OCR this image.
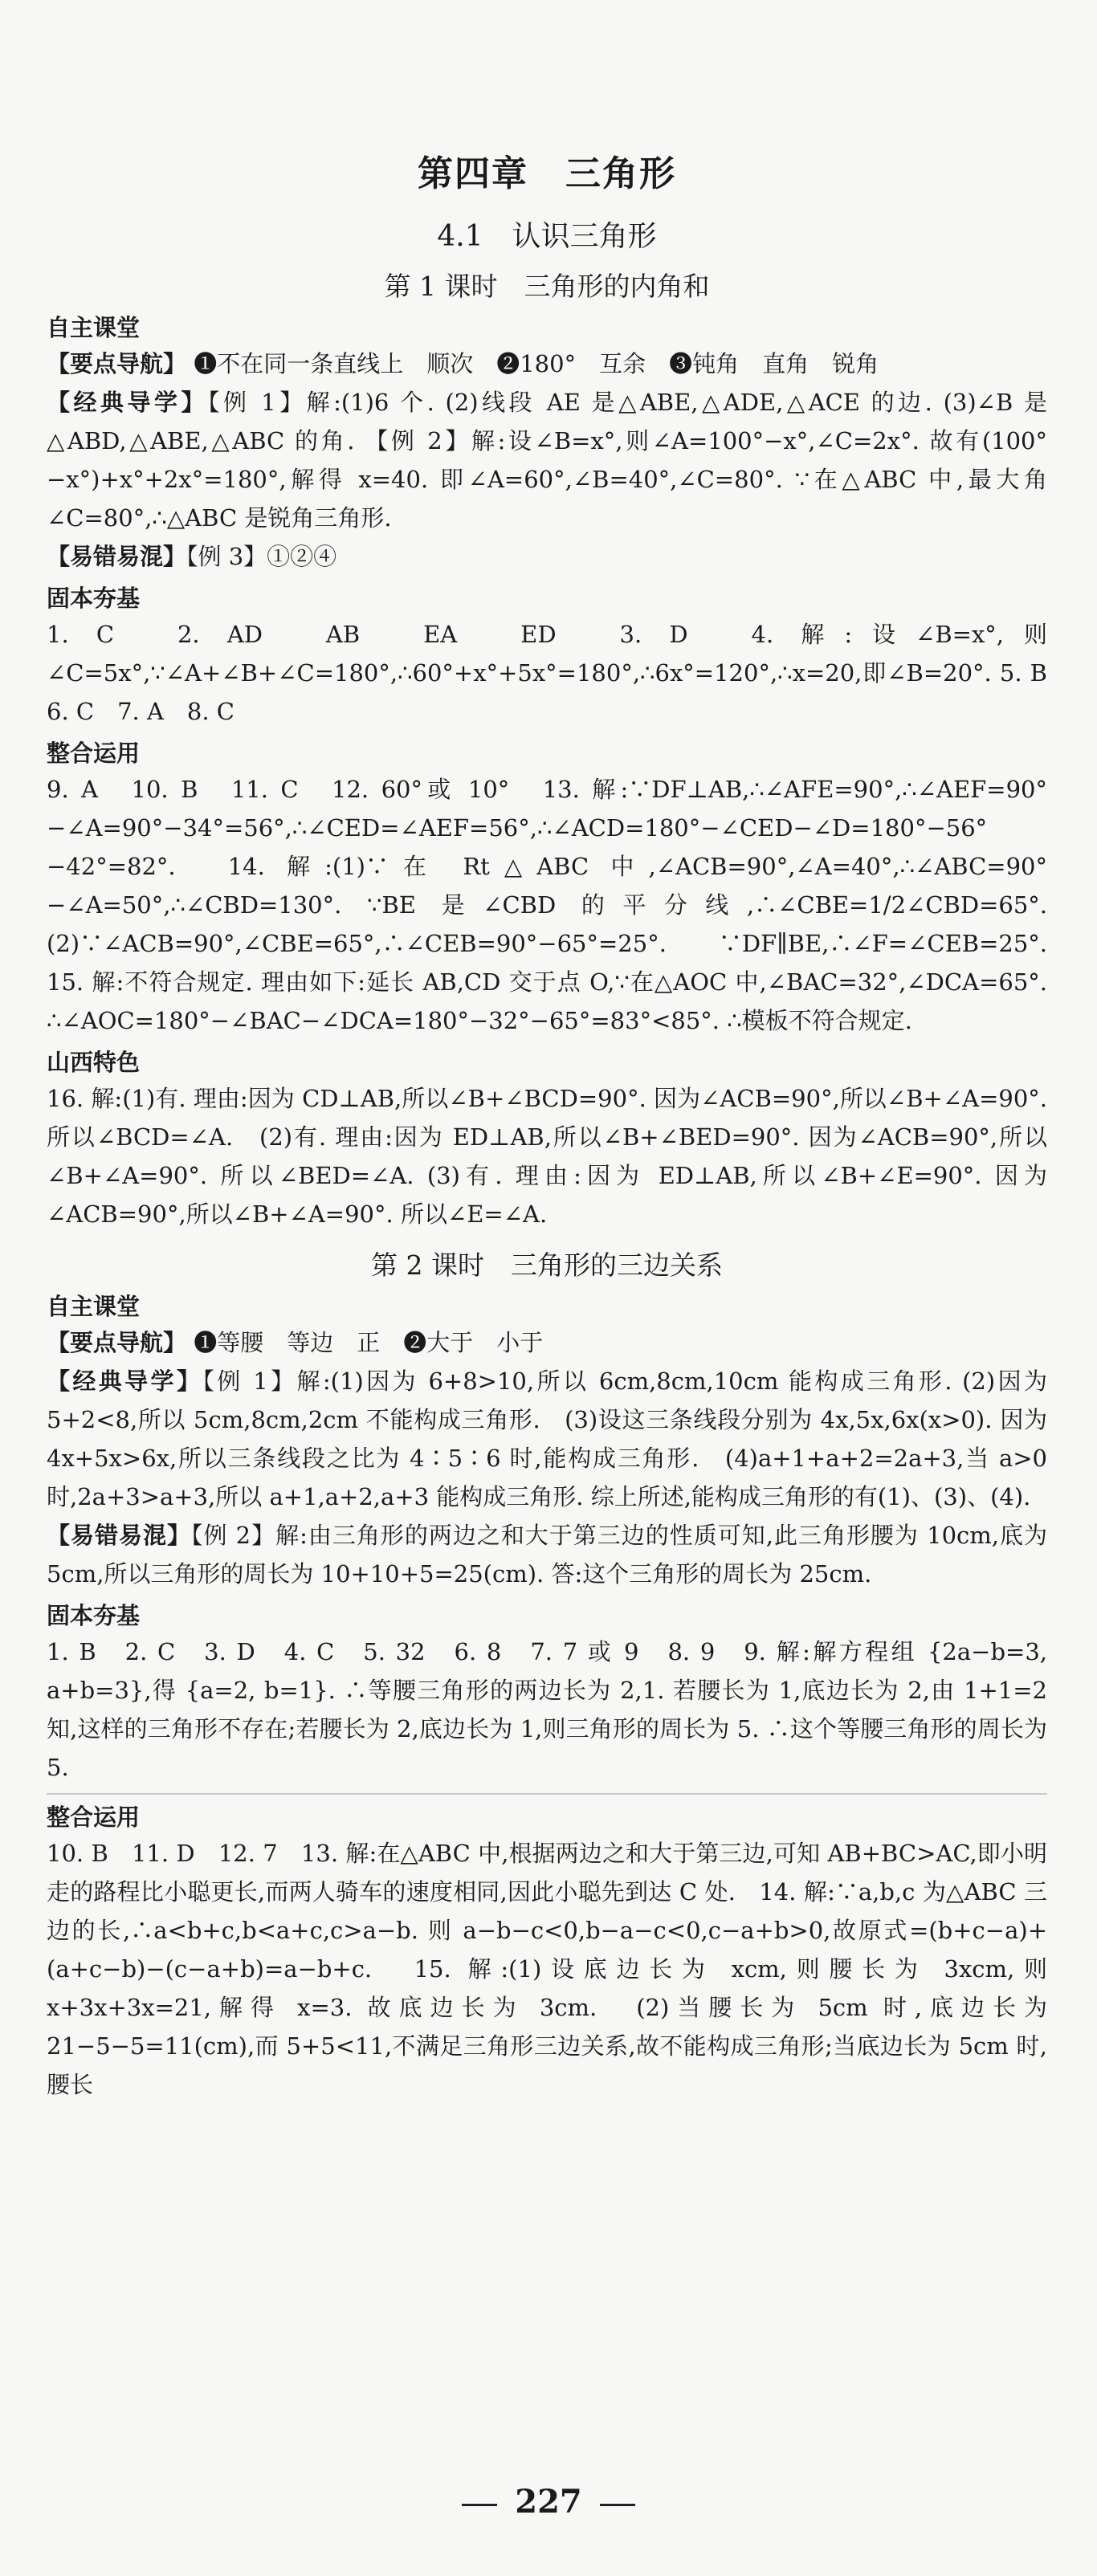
第四章　三角形
4.1　认识三角形
第 1 课时　三角形的内角和
自主课堂

【要点导航】 ❶不在同一条直线上　顺次　❷180°　互余　❸钝角　直角　锐角

【经典导学】【例 1】解:(1)6 个. (2)线段 AE 是△ABE,△ADE,△ACE 的边. (3)∠B 是△ABD,△ABE,△ABC 的角. 【例 2】解:设∠B=x°,则∠A=100°−x°,∠C=2x°. 故有(100°−x°)+x°+2x°=180°,解得 x=40. 即∠A=60°,∠B=40°,∠C=80°. ∵在△ABC 中,最大角∠C=80°,∴△ABC 是锐角三角形.

【易错易混】【例 3】①②④

固本夯基

1. C　2. AD　AB　EA　ED　3. D　4. 解:设∠B=x°,则∠C=5x°,∵∠A+∠B+∠C=180°,∴60°+x°+5x°=180°,∴6x°=120°,∴x=20,即∠B=20°. 5. B　6. C　7. A　8. C

整合运用

9. A　10. B　11. C　12. 60°或 10°　13. 解:∵DF⊥AB,∴∠AFE=90°,∴∠AEF=90°−∠A=90°−34°=56°,∴∠CED=∠AEF=56°,∴∠ACD=180°−∠CED−∠D=180°−56°−42°=82°.　14. 解:(1)∵在 Rt△ABC 中,∠ACB=90°,∠A=40°,∴∠ABC=90°−∠A=50°,∴∠CBD=130°. ∵BE 是∠CBD 的平分线,∴∠CBE=1/2∠CBD=65°.　(2)∵∠ACB=90°,∠CBE=65°,∴∠CEB=90°−65°=25°. ∵DF∥BE,∴∠F=∠CEB=25°.　15. 解:不符合规定. 理由如下:延长 AB,CD 交于点 O,∵在△AOC 中,∠BAC=32°,∠DCA=65°. ∴∠AOC=180°−∠BAC−∠DCA=180°−32°−65°=83°<85°. ∴模板不符合规定.

山西特色

16. 解:(1)有. 理由:因为 CD⊥AB,所以∠B+∠BCD=90°. 因为∠ACB=90°,所以∠B+∠A=90°. 所以∠BCD=∠A.　(2)有. 理由:因为 ED⊥AB,所以∠B+∠BED=90°. 因为∠ACB=90°,所以∠B+∠A=90°. 所以∠BED=∠A. (3)有. 理由:因为 ED⊥AB,所以∠B+∠E=90°. 因为∠ACB=90°,所以∠B+∠A=90°. 所以∠E=∠A.

第 2 课时　三角形的三边关系
自主课堂

【要点导航】 ❶等腰　等边　正　❷大于　小于

【经典导学】【例 1】解:(1)因为 6+8>10,所以 6cm,8cm,10cm 能构成三角形. (2)因为 5+2<8,所以 5cm,8cm,2cm 不能构成三角形.　(3)设这三条线段分别为 4x,5x,6x(x>0). 因为 4x+5x>6x,所以三条线段之比为 4∶5∶6 时,能构成三角形.　(4)a+1+a+2=2a+3,当 a>0 时,2a+3>a+3,所以 a+1,a+2,a+3 能构成三角形. 综上所述,能构成三角形的有(1)、(3)、(4).

【易错易混】【例 2】解:由三角形的两边之和大于第三边的性质可知,此三角形腰为 10cm,底为 5cm,所以三角形的周长为 10+10+5=25(cm). 答:这个三角形的周长为 25cm.

固本夯基

1. B　2. C　3. D　4. C　5. 32　6. 8　7. 7 或 9　8. 9　9. 解:解方程组 {2a−b=3, a+b=3},得 {a=2, b=1}. ∴等腰三角形的两边长为 2,1. 若腰长为 1,底边长为 2,由 1+1=2 知,这样的三角形不存在;若腰长为 2,底边长为 1,则三角形的周长为 5. ∴这个等腰三角形的周长为 5.

整合运用

10. B　11. D　12. 7　13. 解:在△ABC 中,根据两边之和大于第三边,可知 AB+BC>AC,即小明走的路程比小聪更长,而两人骑车的速度相同,因此小聪先到达 C 处.　14. 解:∵a,b,c 为△ABC 三边的长,∴a<b+c,b<a+c,c>a−b. 则 a−b−c<0,b−a−c<0,c−a+b>0,故原式=(b+c−a)+(a+c−b)−(c−a+b)=a−b+c.　15. 解:(1)设底边长为 xcm,则腰长为 3xcm,则 x+3x+3x=21,解得 x=3. 故底边长为 3cm.　(2)当腰长为 5cm 时,底边长为 21−5−5=11(cm),而 5+5<11,不满足三角形三边关系,故不能构成三角形;当底边长为 5cm 时,腰长

227
